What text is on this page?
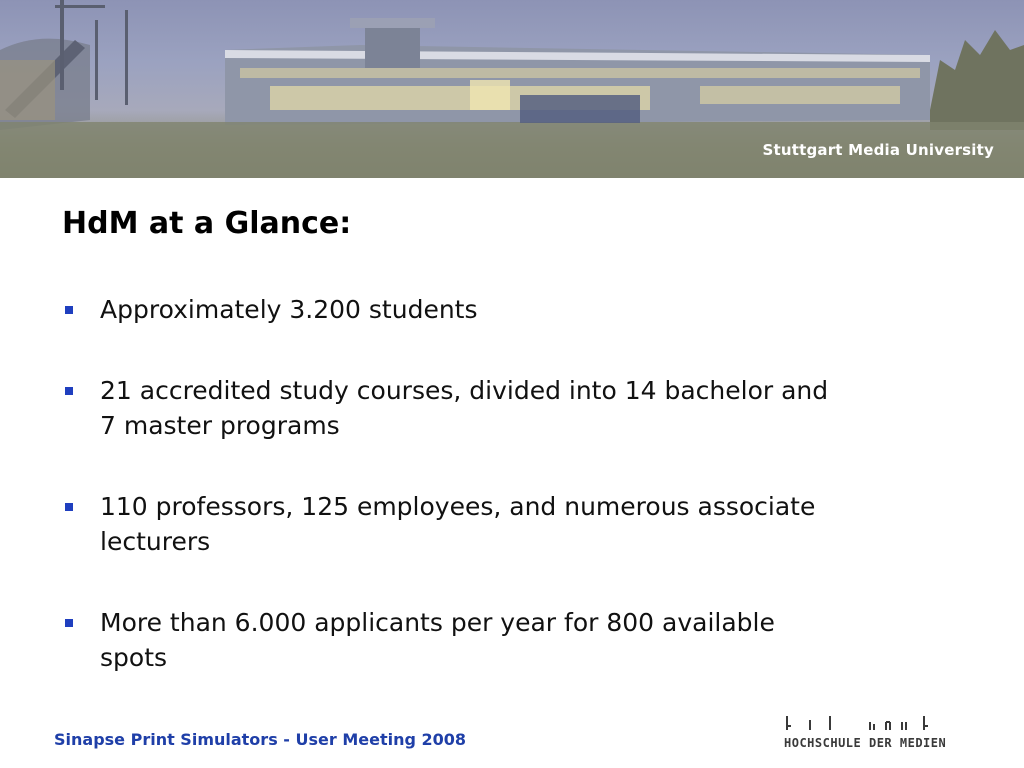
Stuttgart Media University
HdM at a Glance:
Approximately 3.200 students
21 accredited study courses, divided into 14 bachelor and
7 master programs
110 professors, 125 employees, and numerous associate
lecturers
More than 6.000 applicants per year for 800 available
spots
Sinapse Print Simulators - User Meeting 2008	HOCHSCHULE DER MEDIEN
